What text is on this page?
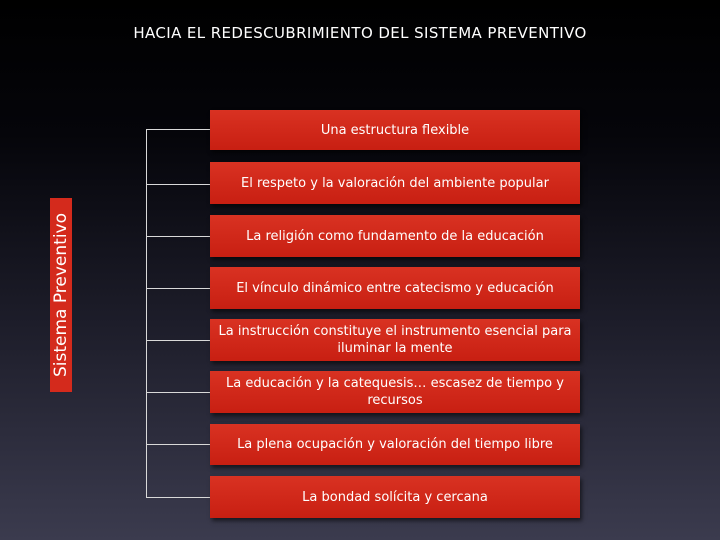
HACIA EL REDESCUBRIMIENTO DEL SISTEMA PREVENTIVO
Sistema Preventivo
Una estructura flexible
El respeto y la valoración del ambiente popular
La religión como fundamento de la educación
El vínculo dinámico entre catecismo y educación
La instrucción constituye el instrumento esencial para iluminar la mente
La educación y la catequesis… escasez de tiempo y recursos
La plena ocupación y valoración del tiempo libre
La bondad solícita y cercana
